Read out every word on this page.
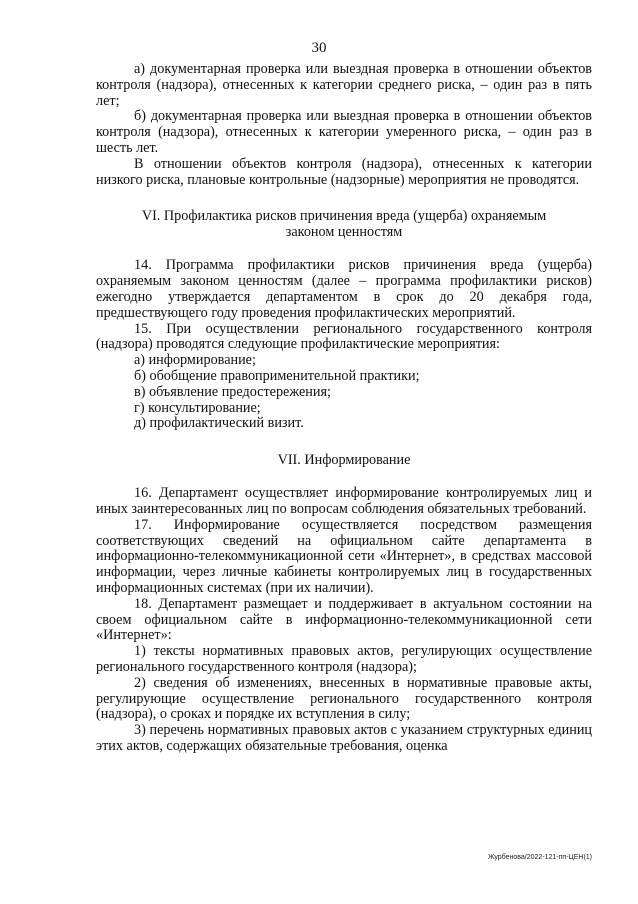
30

а) документарная проверка или выездная проверка в отношении объектов контроля (надзора), отнесенных к категории среднего риска, – один раз в пять лет;

б) документарная проверка или выездная проверка в отношении объектов контроля (надзора), отнесенных к категории умеренного риска, – один раз в шесть лет.

В отношении объектов контроля (надзора), отнесенных к категории низкого риска, плановые контрольные (надзорные) мероприятия не проводятся.

VI. Профилактика рисков причинения вреда (ущерба) охраняемым
законом ценностям

14. Программа профилактики рисков причинения вреда (ущерба) охраняемым законом ценностям (далее – программа профилактики рисков) ежегодно утверждается департаментом в срок до 20 декабря года, предшествующего году проведения профилактических мероприятий.

15. При осуществлении регионального государственного контроля (надзора) проводятся следующие профилактические мероприятия:

а) информирование;

б) обобщение правоприменительной практики;

в) объявление предостережения;

г) консультирование;

д) профилактический визит.

VII. Информирование

16. Департамент осуществляет информирование контролируемых лиц и иных заинтересованных лиц по вопросам соблюдения обязательных требований.

17. Информирование осуществляется посредством размещения соответствующих сведений на официальном сайте департамента в информационно-телекоммуникационной сети «Интернет», в средствах массовой информации, через личные кабинеты контролируемых лиц в государственных информационных системах (при их наличии).

18. Департамент размещает и поддерживает в актуальном состоянии на своем официальном сайте в информационно-телекоммуникационной сети «Интернет»:

1) тексты нормативных правовых актов, регулирующих осуществление регионального государственного контроля (надзора);

2) сведения об изменениях, внесенных в нормативные правовые акты, регулирующие осуществление регионального государственного контроля (надзора), о сроках и порядке их вступления в силу;

3) перечень нормативных правовых актов с указанием структурных единиц этих актов, содержащих обязательные требования, оценка

Журбенова/2022-121-пп-ЦЕН(1)
